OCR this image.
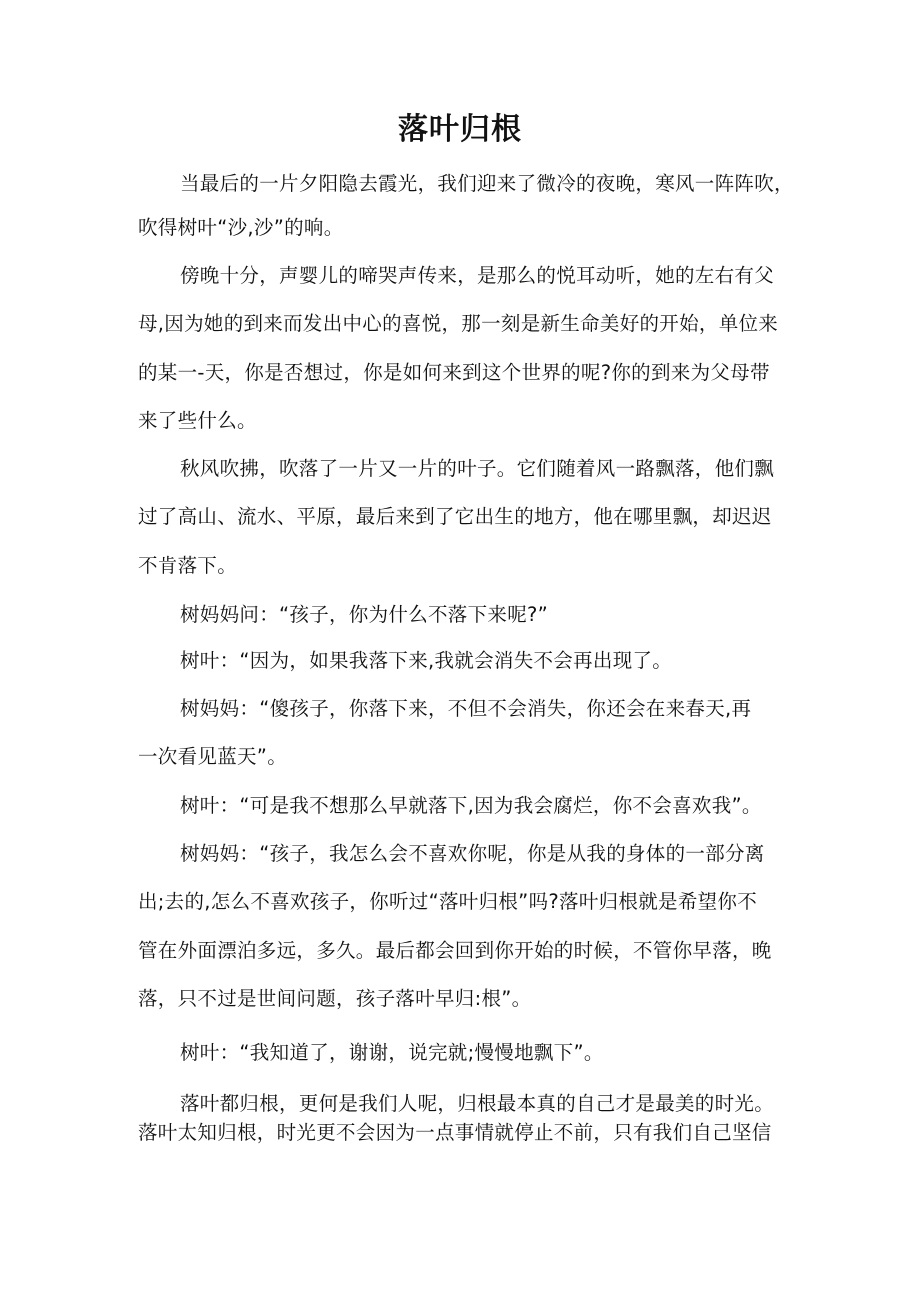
落叶归根
当最后的一片夕阳隐去霞光，我们迎来了微冷的夜晚，寒风一阵阵吹，
吹得树叶“沙,沙”的响。
傍晚十分，声婴儿的啼哭声传来，是那么的悦耳动听，她的左右有父
母,因为她的到来而发出中心的喜悦，那一刻是新生命美好的开始，单位来
的某一-天，你是否想过，你是如何来到这个世界的呢?你的到来为父母带
来了些什么。
秋风吹拂，吹落了一片又一片的叶子。它们随着风一路飘落，他们飘
过了高山、流水、平原，最后来到了它出生的地方，他在哪里飘，却迟迟
不肯落下。
树妈妈问：“孩子，你为什么不落下来呢?”
树叶：“因为，如果我落下来,我就会消失不会再出现了。
树妈妈：“傻孩子，你落下来，不但不会消失，你还会在来春天,再
一次看见蓝天”。
树叶：“可是我不想那么早就落下,因为我会腐烂，你不会喜欢我”。
树妈妈：“孩子，我怎么会不喜欢你呢，你是从我的身体的一部分离
出;去的,怎么不喜欢孩子，你听过“落叶归根”吗?落叶归根就是希望你不
管在外面漂泊多远，多久。最后都会回到你开始的时候，不管你早落，晚
落，只不过是世间问题，孩子落叶早归:根”。
树叶：“我知道了，谢谢，说完就;慢慢地飘下”。
落叶都归根，更何是我们人呢，归根最本真的自己才是最美的时光。
落叶太知归根，时光更不会因为一点事情就停止不前，只有我们自己坚信
